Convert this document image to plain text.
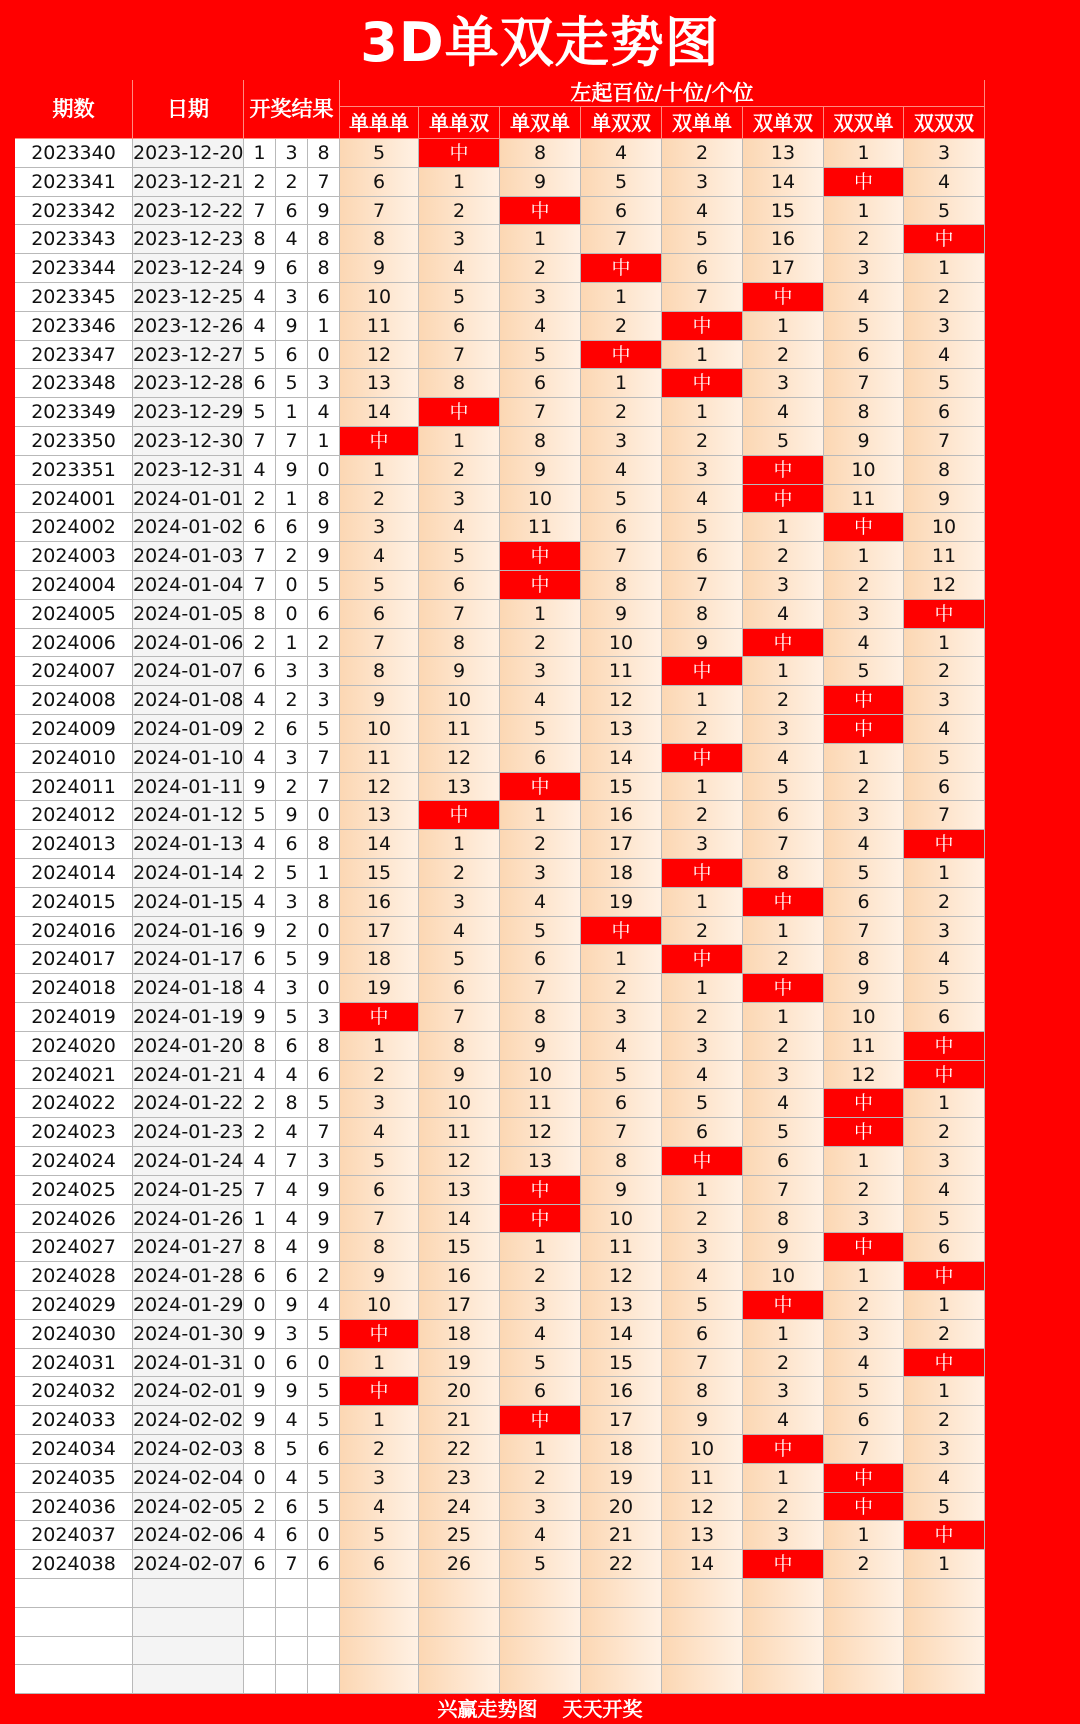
3D单双走势图
期数	日期	开奖结果
左起百位/十位/个位
单单单	单单双	单双单	单双双	双单单	双单双	双双单	双双双
2023340 2023-12-20 1	3	8	5	中	8	4	2	13	1	3
2023341 2023-12-21 2	2	7	6	1	9	5	3	14	中	4
2023342 2023-12-22 7	6	9	7	2	中	6	4	15	1	5
2023343 2023-12-23 8	4	8	8	3	1	7	5	16	2	中
2023344 2023-12-24 9	6	8	9	4	2	中	6	17	3	1
2023345 2023-12-25 4	3	6	10	5	3	1	7	中	4	2
2023346 2023-12-26 4	9	1	11	6	4	2	中	1	5	3
2023347 2023-12-27 5	6	0	12	7	5	中	1	2	6	4
2023348 2023-12-28 6	5	3	13	8	6	1	中	3	7	5
2023349 2023-12-29 5	1	4	14	中	7	2	1	4	8	6
2023350 2023-12-30 7	7	1	中	1	8	3	2	5	9	7
2023351 2023-12-31 4	9	0	1	2	9	4	3	中	10	8
2024001 2024-01-01 2	1	8	2	3	10	5	4	中	11	9
2024002 2024-01-02 6	6	9	3	4	11	6	5	1	中	10
2024003 2024-01-03 7	2	9	4	5	中	7	6	2	1	11
2024004 2024-01-04 7	0	5	5	6	中	8	7	3	2	12
2024005 2024-01-05 8	0	6	6	7	1	9	8	4	3	中
2024006 2024-01-06 2	1	2	7	8	2	10	9	中	4	1
2024007 2024-01-07 6	3	3	8	9	3	11	中	1	5	2
2024008 2024-01-08 4	2	3	9	10	4	12	1	2	中	3
2024009 2024-01-09 2	6	5	10	11	5	13	2	3	中	4
2024010 2024-01-10 4	3	7	11	12	6	14	中	4	1	5
2024011 2024-01-11 9	2	7	12	13	中	15	1	5	2	6
2024012 2024-01-12 5	9	0	13	中	1	16	2	6	3	7
2024013 2024-01-13 4	6	8	14	1	2	17	3	7	4	中
2024014 2024-01-14 2	5	1	15	2	3	18	中	8	5	1
2024015 2024-01-15 4	3	8	16	3	4	19	1	中	6	2
2024016 2024-01-16 9	2	0	17	4	5	中	2	1	7	3
2024017 2024-01-17 6	5	9	18	5	6	1	中	2	8	4
2024018 2024-01-18 4	3	0	19	6	7	2	1	中	9	5
2024019 2024-01-19 9	5	3	中	7	8	3	2	1	10	6
2024020 2024-01-20 8	6	8	1	8	9	4	3	2	11	中
2024021 2024-01-21 4	4	6	2	9	10	5	4	3	12	中
2024022 2024-01-22 2	8	5	3	10	11	6	5	4	中	1
2024023 2024-01-23 2	4	7	4	11	12	7	6	5	中	2
2024024 2024-01-24 4	7	3	5	12	13	8	中	6	1	3
2024025 2024-01-25 7	4	9	6	13	中	9	1	7	2	4
2024026 2024-01-26 1	4	9	7	14	中	10	2	8	3	5
2024027 2024-01-27 8	4	9	8	15	1	11	3	9	中	6
2024028 2024-01-28 6	6	2	9	16	2	12	4	10	1	中
2024029 2024-01-29 0	9	4	10	17	3	13	5	中	2	1
2024030 2024-01-30 9	3	5	中	18	4	14	6	1	3	2
2024031 2024-01-31 0	6	0	1	19	5	15	7	2	4	中
2024032 2024-02-01 9	9	5	中	20	6	16	8	3	5	1
2024033 2024-02-02 9	4	5	1	21	中	17	9	4	6	2
2024034 2024-02-03 8	5	6	2	22	1	18	10	中	7	3
2024035 2024-02-04 0	4	5	3	23	2	19	11	1	中	4
2024036 2024-02-05 2	6	5	4	24	3	20	12	2	中	5
2024037 2024-02-06 4	6	0	5	25	4	21	13	3	1	中
2024038 2024-02-07 6	7	6	6	26	5	22	14	中	2	1
兴赢走势图 天天开奖
